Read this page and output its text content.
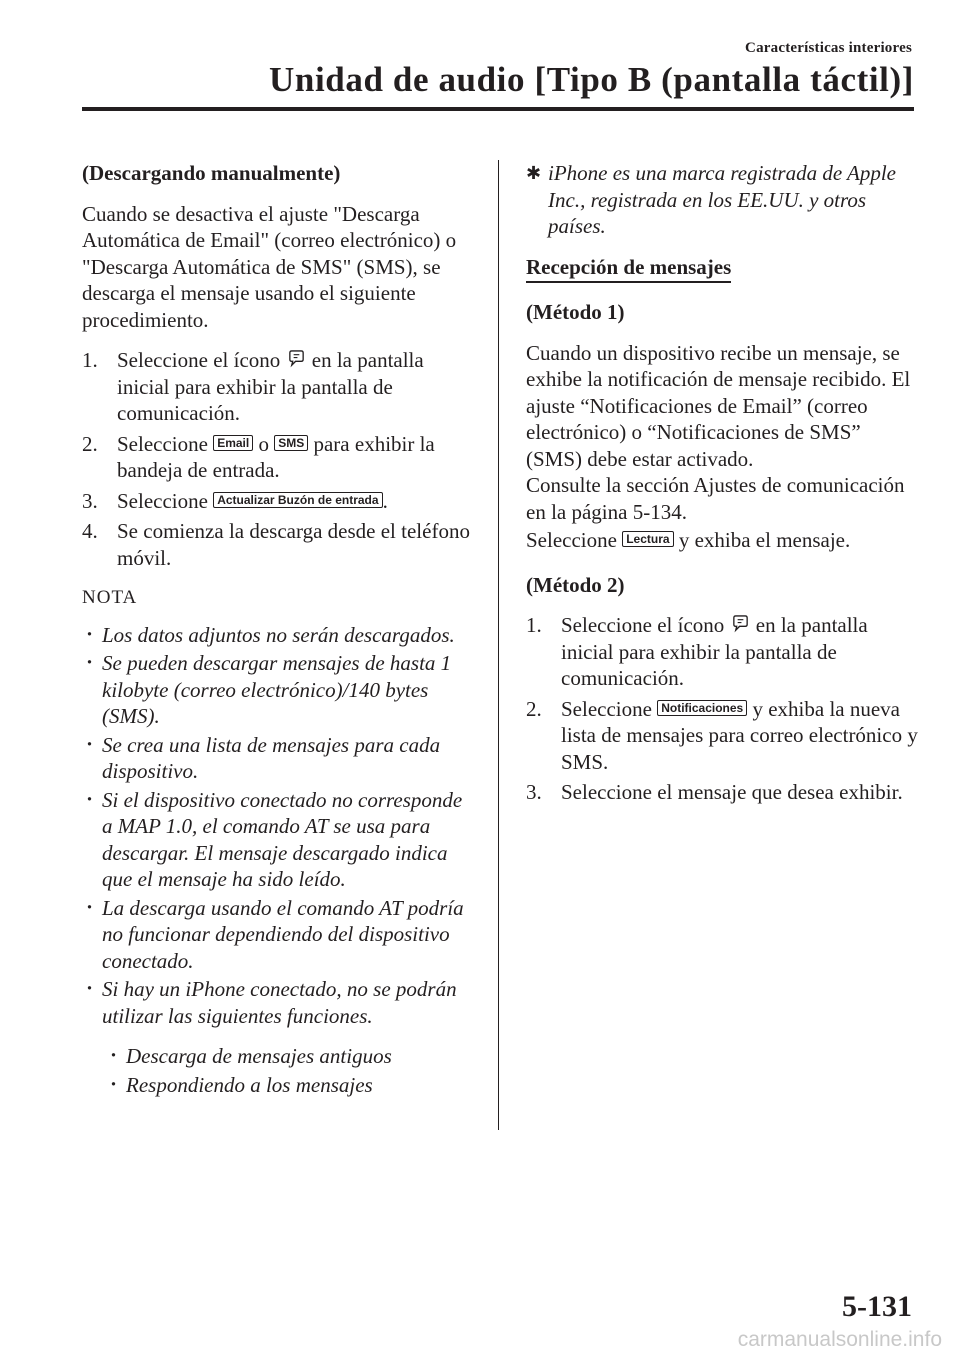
Características interiores
Unidad de audio [Tipo B (pantalla táctil)]

(Descargando manualmente)

Cuando se desactiva el ajuste "Descarga Automática de Email" (correo electrónico) o "Descarga Automática de SMS" (SMS), se descarga el mensaje usando el siguiente procedimiento.

1. Seleccione el ícono  en la pantalla inicial para exhibir la pantalla de comunicación.
2. Seleccione Email o SMS para exhibir la bandeja de entrada.
3. Seleccione Actualizar Buzón de entrada .
4. Se comienza la descarga desde el teléfono móvil.

NOTA

· Los datos adjuntos no serán descargados.
· Se pueden descargar mensajes de hasta 1 kilobyte (correo electrónico)/140 bytes (SMS).
· Se crea una lista de mensajes para cada dispositivo.
· Si el dispositivo conectado no corresponde a MAP 1.0, el comando AT se usa para descargar. El mensaje descargado indica que el mensaje ha sido leído.
· La descarga usando el comando AT podría no funcionar dependiendo del dispositivo conectado.
· Si hay un iPhone conectado, no se podrán utilizar las siguientes funciones.
· Descarga de mensajes antiguos
· Respondiendo a los mensajes

✱ iPhone es una marca registrada de Apple Inc., registrada en los EE.UU. y otros países.

Recepción de mensajes

(Método 1)

Cuando un dispositivo recibe un mensaje, se exhibe la notificación de mensaje recibido. El ajuste “Notificaciones de Email” (correo electrónico) o “Notificaciones de SMS” (SMS) debe estar activado.

Consulte la sección Ajustes de comunicación en la página 5-134.

Seleccione Lectura y exhiba el mensaje.

(Método 2)

1. Seleccione el ícono  en la pantalla inicial para exhibir la pantalla de comunicación.
2. Seleccione Notificaciones y exhiba la nueva lista de mensajes para correo electrónico y SMS.
3. Seleccione el mensaje que desea exhibir.
5-131
carmanualsonline.info
